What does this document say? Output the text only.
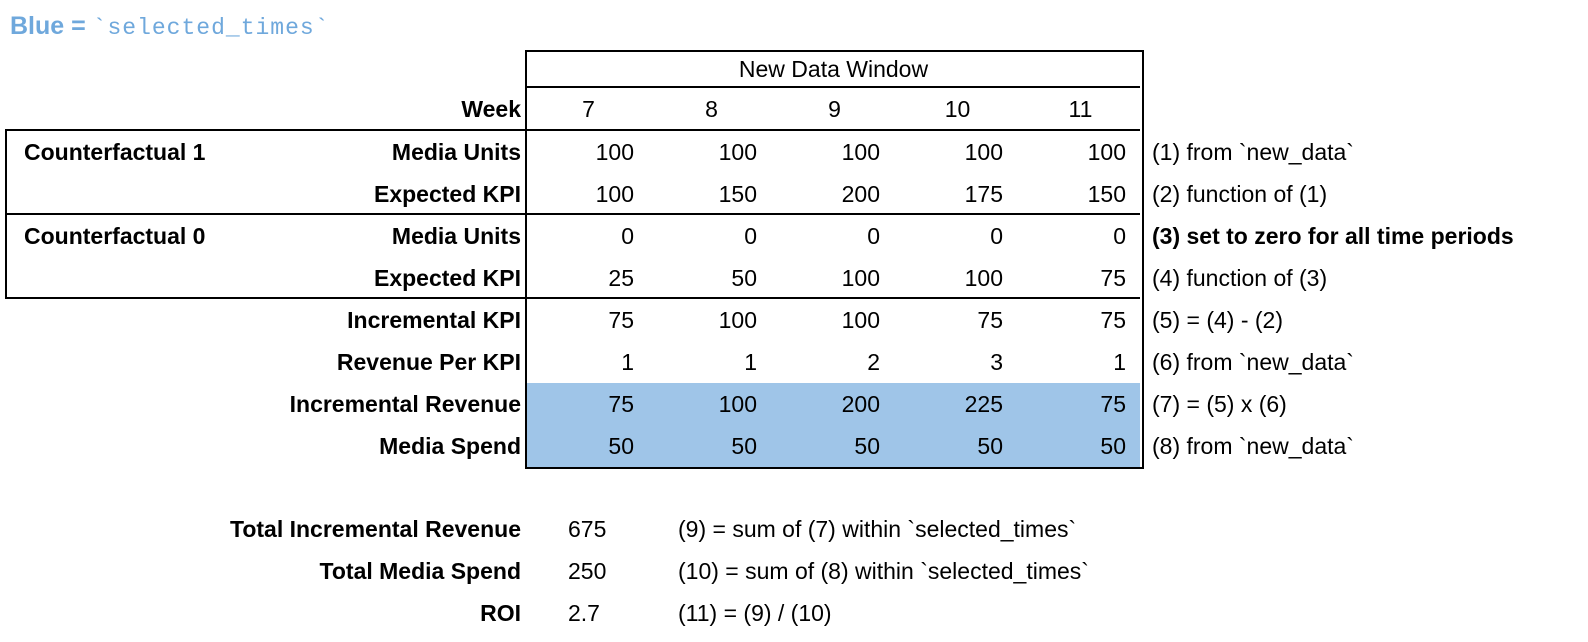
Blue = `selected_times`
New Data Window
Week	7	8	9	10	11
Counterfactual 1	Media Units	100	100	100	100	100	(1) from `new_data`
Expected KPI	100	150	200	175	150	(2) function of (1)
Counterfactual 0	Media Units	0	0	0	0	0	(3) set to zero for all time periods
Expected KPI	25	50	100	100	75	(4) function of (3)
Incremental KPI	75	100	100	75	75	(5) = (4) - (2)
Revenue Per KPI	1	1	2	3	1	(6) from `new_data`
Incremental Revenue	75	100	200	225	75	(7) = (5) x (6)
Media Spend	50	50	50	50	50	(8) from `new_data`
Total Incremental Revenue 675	(9) = sum of (7) within `selected_times`
Total Media Spend 250	(10) = sum of (8) within `selected_times`
ROI 2.7	(11) = (9) / (10)
